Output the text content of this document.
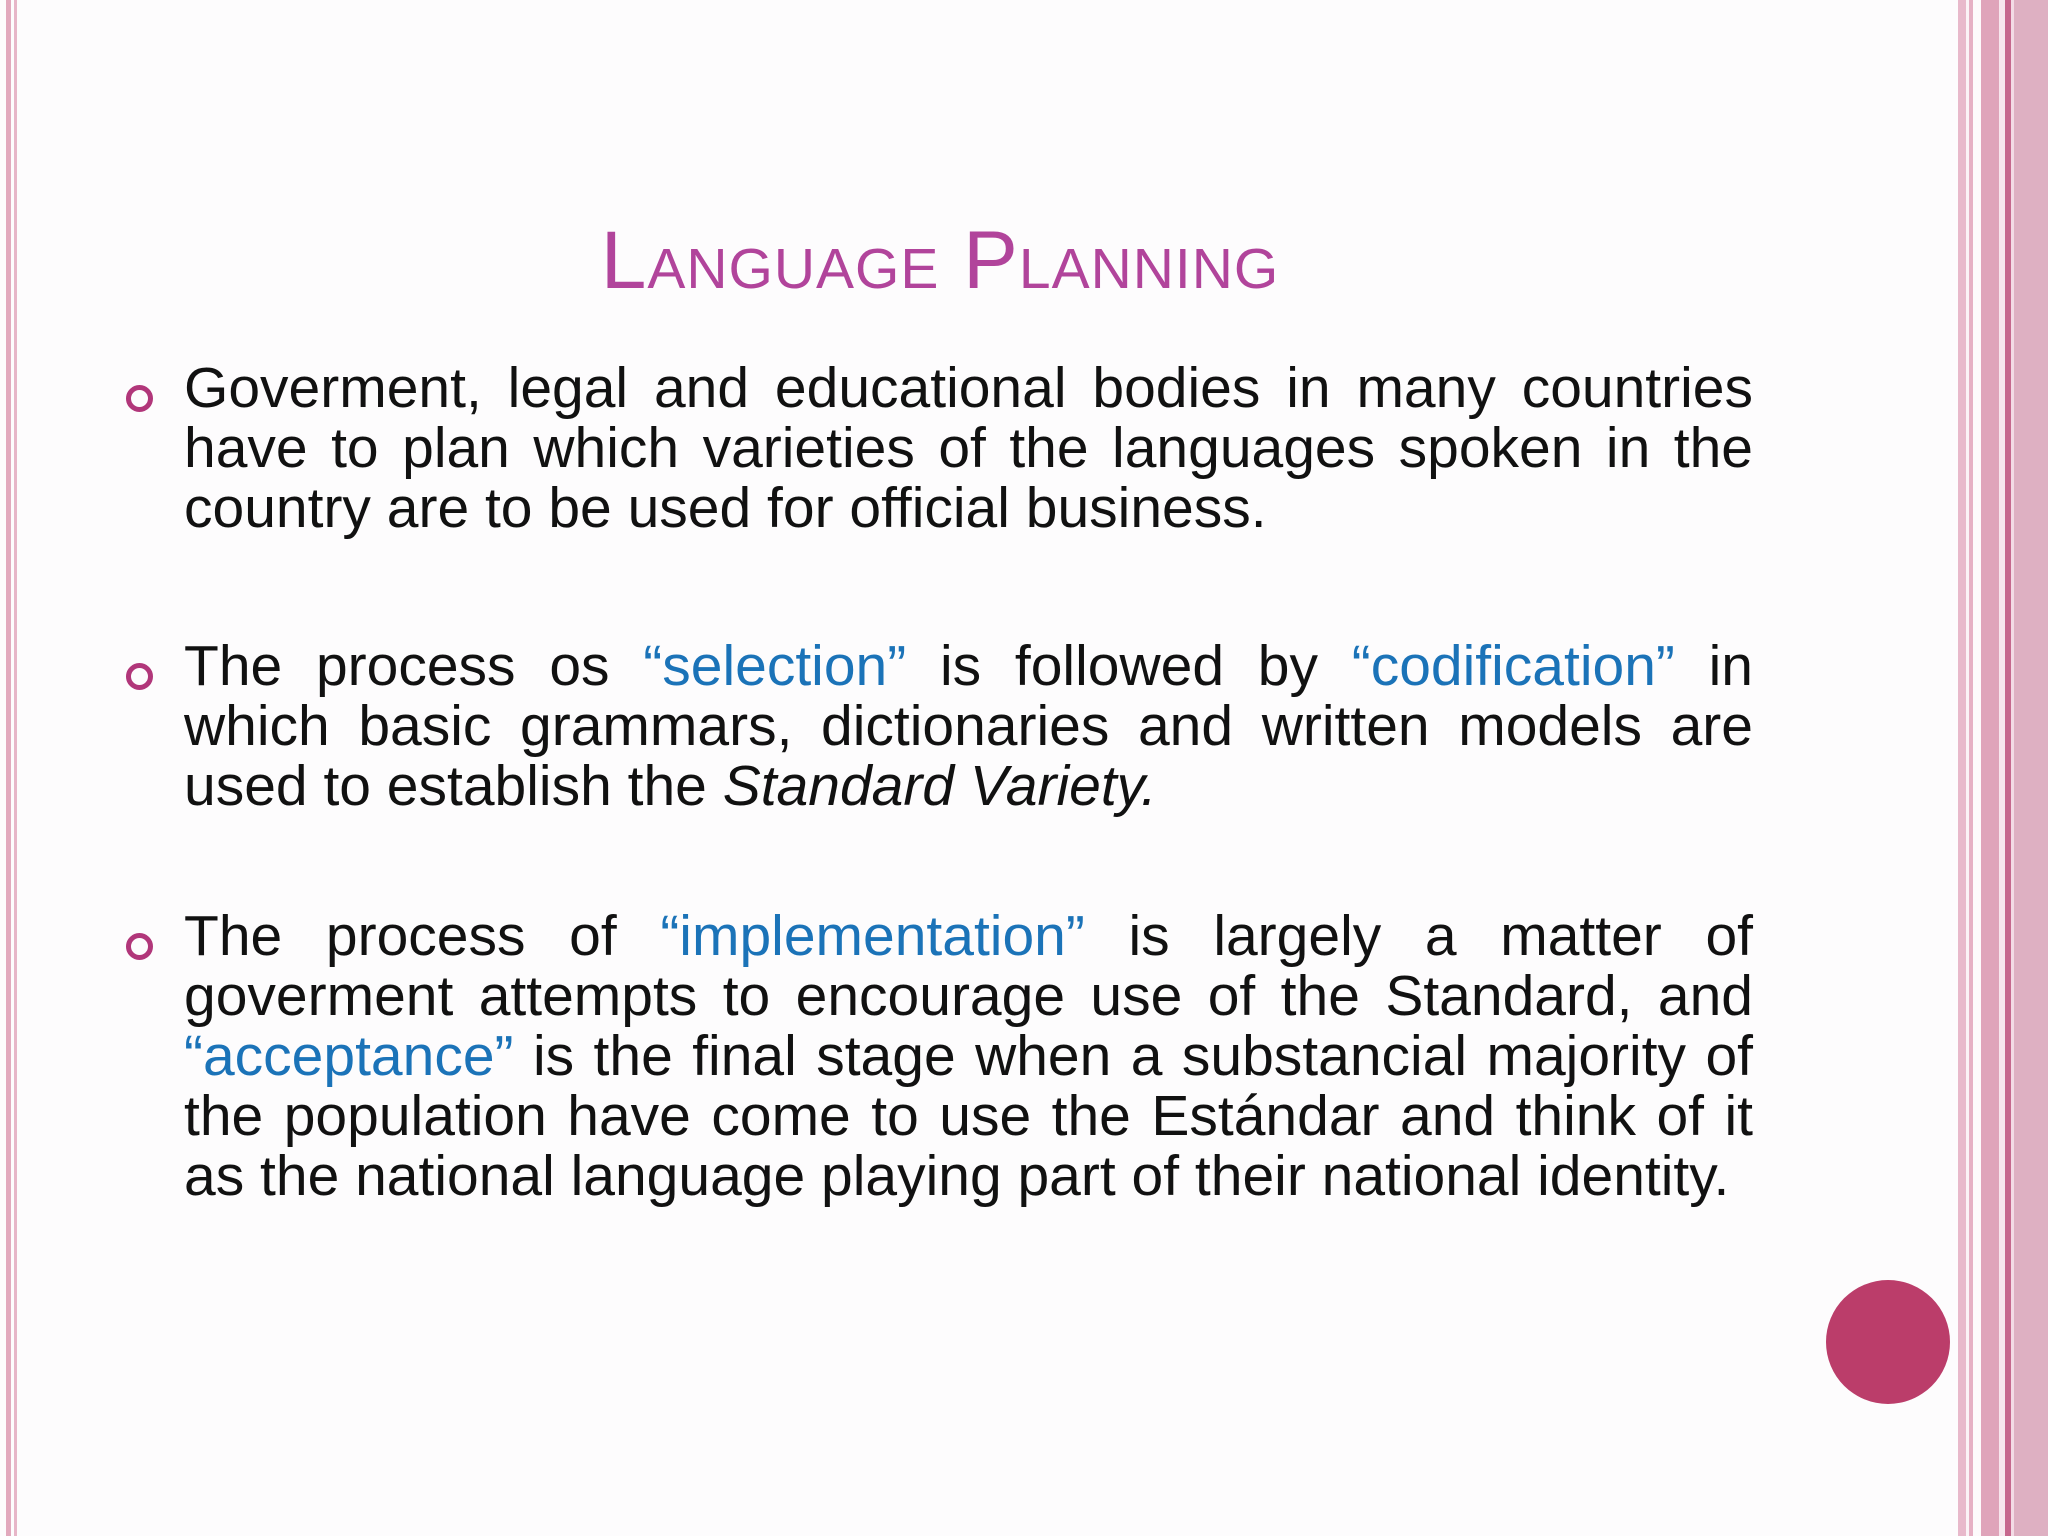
Language Planning
Goverment, legal and educational bodies in many countries have to plan which varieties of the languages spoken in the country are to be used for official business.
The process os “selection” is followed by “codification” in which basic grammars, dictionaries and written models are used to establish the Standard Variety.
The process of “implementation” is largely a matter of goverment attempts to encourage use of the Standard, and “acceptance” is the final stage when a substancial majority of the population have come to use the Estándar and think of it as the national language playing part of their national identity.
